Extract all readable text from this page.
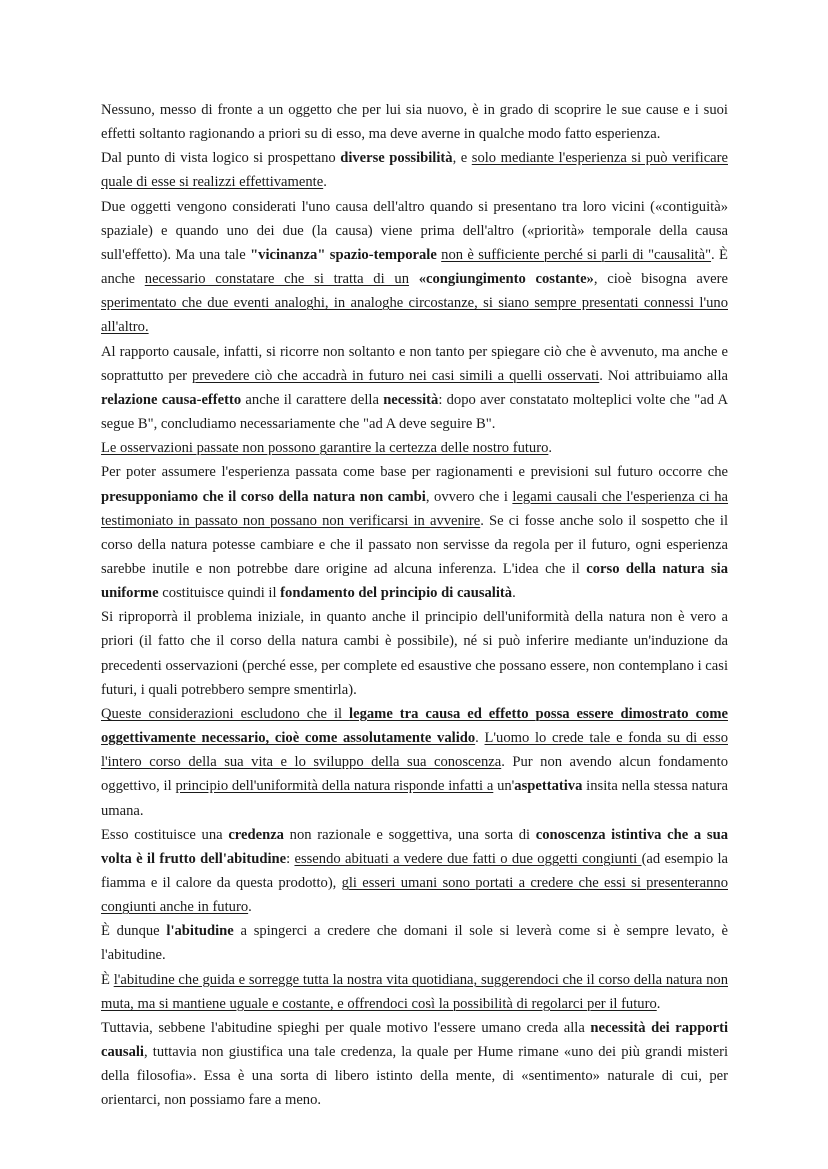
Nessuno, messo di fronte a un oggetto che per lui sia nuovo, è in grado di scoprire le sue cause e i suoi effetti soltanto ragionando a priori su di esso, ma deve averne in qualche modo fatto esperienza.

Dal punto di vista logico si prospettano diverse possibilità, e solo mediante l'esperienza si può verificare quale di esse si realizzi effettivamente.

Due oggetti vengono considerati l'uno causa dell'altro quando si presentano tra loro vicini («contiguità» spaziale) e quando uno dei due (la causa) viene prima dell'altro («priorità» temporale della causa sull'effetto). Ma una tale "vicinanza" spazio-temporale non è sufficiente perché si parli di "causalità". È anche necessario constatare che si tratta di un «congiungimento costante», cioè bisogna avere sperimentato che due eventi analoghi, in analoghe circostanze, si siano sempre presentati connessi l'uno all'altro.

Al rapporto causale, infatti, si ricorre non soltanto e non tanto per spiegare ciò che è avvenuto, ma anche e soprattutto per prevedere ciò che accadrà in futuro nei casi simili a quelli osservati. Noi attribuiamo alla relazione causa-effetto anche il carattere della necessità: dopo aver constatato molteplici volte che "ad A segue B", concludiamo necessariamente che "ad A deve seguire B".

Le osservazioni passate non possono garantire la certezza delle nostro futuro.

Per poter assumere l'esperienza passata come base per ragionamenti e previsioni sul futuro occorre che presupponiamo che il corso della natura non cambi, ovvero che i legami causali che l'esperienza ci ha testimoniato in passato non possano non verificarsi in avvenire. Se ci fosse anche solo il sospetto che il corso della natura potesse cambiare e che il passato non servisse da regola per il futuro, ogni esperienza sarebbe inutile e non potrebbe dare origine ad alcuna inferenza. L'idea che il corso della natura sia uniforme costituisce quindi il fondamento del principio di causalità.

Si riproporrà il problema iniziale, in quanto anche il principio dell'uniformità della natura non è vero a priori (il fatto che il corso della natura cambi è possibile), né si può inferire mediante un'induzione da precedenti osservazioni (perché esse, per complete ed esaustive che possano essere, non contemplano i casi futuri, i quali potrebbero sempre smentirla).

Queste considerazioni escludono che il legame tra causa ed effetto possa essere dimostrato come oggettivamente necessario, cioè come assolutamente valido. L'uomo lo crede tale e fonda su di esso l'intero corso della sua vita e lo sviluppo della sua conoscenza. Pur non avendo alcun fondamento oggettivo, il principio dell'uniformità della natura risponde infatti a un'aspettativa insita nella stessa natura umana.

Esso costituisce una credenza non razionale e soggettiva, una sorta di conoscenza istintiva che a sua volta è il frutto dell'abitudine: essendo abituati a vedere due fatti o due oggetti congiunti (ad esempio la fiamma e il calore da questa prodotto), gli esseri umani sono portati a credere che essi si presenteranno congiunti anche in futuro.

È dunque l'abitudine a spingerci a credere che domani il sole si leverà come si è sempre levato, è l'abitudine.

È l'abitudine che guida e sorregge tutta la nostra vita quotidiana, suggerendoci che il corso della natura non muta, ma si mantiene uguale e costante, e offrendoci così la possibilità di regolarci per il futuro.

Tuttavia, sebbene l'abitudine spieghi per quale motivo l'essere umano creda alla necessità dei rapporti causali, tuttavia non giustifica una tale credenza, la quale per Hume rimane «uno dei più grandi misteri della filosofia». Essa è una sorta di libero istinto della mente, di «sentimento» naturale di cui, per orientarci, non possiamo fare a meno.
